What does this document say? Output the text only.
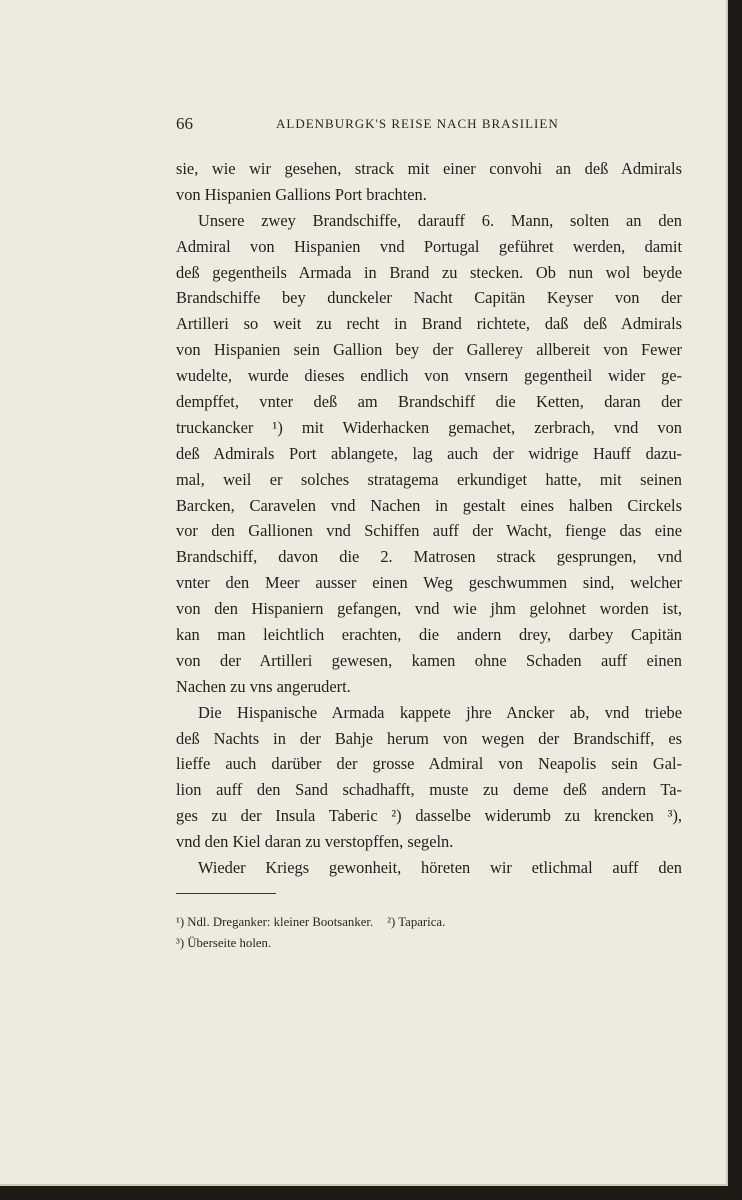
66	ALDENBURGK'S REISE NACH BRASILIEN
sie, wie wir gesehen, strack mit einer convohi an deß Admirals
von Hispanien Gallions Port brachten.
Unsere zwey Brandschiffe, darauff 6. Mann, solten an den
Admiral von Hispanien vnd Portugal geführet werden, damit
deß gegentheils Armada in Brand zu stecken. Ob nun wol beyde
Brandschiffe bey dunckeler Nacht Capitän Keyser von der
Artilleri so weit zu recht in Brand richtete, daß deß Admirals
von Hispanien sein Gallion bey der Gallerey allbereit von Fewer
wudelte, wurde dieses endlich von vnsern gegentheil wider ge-
dempffet, vnter deß am Brandschiff die Ketten, daran der
truckancker ¹) mit Widerhacken gemachet, zerbrach, vnd von
deß Admirals Port ablangete, lag auch der widrige Hauff dazu-
mal, weil er solches stratagema erkundiget hatte, mit seinen
Barcken, Caravelen vnd Nachen in gestalt eines halben Circkels
vor den Gallionen vnd Schiffen auff der Wacht, fienge das eine
Brandschiff, davon die 2. Matrosen strack gesprungen, vnd
vnter den Meer ausser einen Weg geschwummen sind, welcher
von den Hispaniern gefangen, vnd wie jhm gelohnet worden ist,
kan man leichtlich erachten, die andern drey, darbey Capitän
von der Artilleri gewesen, kamen ohne Schaden auff einen
Nachen zu vns angerudert.
Die Hispanische Armada kappete jhre Ancker ab, vnd triebe
deß Nachts in der Bahje herum von wegen der Brandschiff, es
lieffe auch darüber der grosse Admiral von Neapolis sein Gal-
lion auff den Sand schadhafft, muste zu deme deß andern Ta-
ges zu der Insula Taberic ²) dasselbe widerumb zu krencken ³),
vnd den Kiel daran zu verstopffen, segeln.
Wieder Kriegs gewonheit, höreten wir etlichmal auff den
¹) Ndl. Dreganker: kleiner Bootsanker. ²) Taparica.
³) Überseite holen.
